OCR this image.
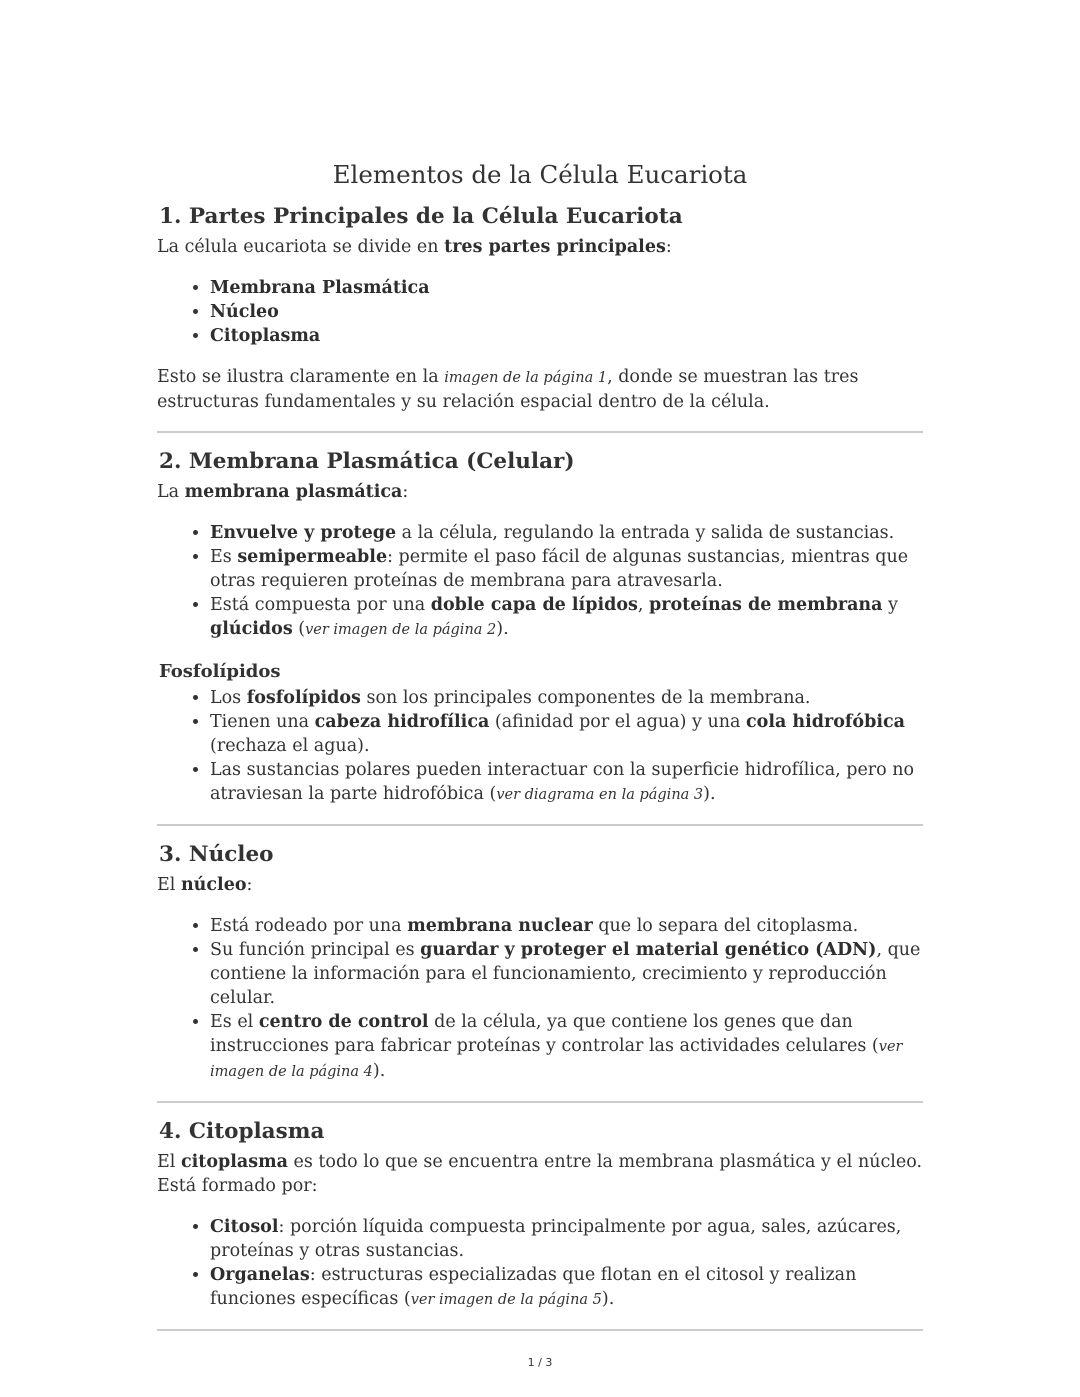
Elementos de la Célula Eucariota
1. Partes Principales de la Célula Eucariota

La célula eucariota se divide en tres partes principales:

• Membrana Plasmática
• Núcleo
• Citoplasma

Esto se ilustra claramente en la imagen de la página 1, donde se muestran las tres estructuras fundamentales y su relación espacial dentro de la célula.

2. Membrana Plasmática (Celular)

La membrana plasmática:

• Envuelve y protege a la célula, regulando la entrada y salida de sustancias.
• Es semipermeable: permite el paso fácil de algunas sustancias, mientras que otras requieren proteínas de membrana para atravesarla.
• Está compuesta por una doble capa de lípidos, proteínas de membrana y glúcidos (ver imagen de la página 2).
Fosfolípidos
• Los fosfolípidos son los principales componentes de la membrana.
• Tienen una cabeza hidrofílica (afinidad por el agua) y una cola hidrofóbica (rechaza el agua).
• Las sustancias polares pueden interactuar con la superficie hidrofílica, pero no atraviesan la parte hidrofóbica (ver diagrama en la página 3).
3. Núcleo

El núcleo:

• Está rodeado por una membrana nuclear que lo separa del citoplasma.
• Su función principal es guardar y proteger el material genético (ADN), que contiene la información para el funcionamiento, crecimiento y reproducción celular.
• Es el centro de control de la célula, ya que contiene los genes que dan instrucciones para fabricar proteínas y controlar las actividades celulares (ver imagen de la página 4).
4. Citoplasma

El citoplasma es todo lo que se encuentra entre la membrana plasmática y el núcleo. Está formado por:

• Citosol: porción líquida compuesta principalmente por agua, sales, azúcares, proteínas y otras sustancias.
• Organelas: estructuras especializadas que flotan en el citosol y realizan funciones específicas (ver imagen de la página 5).
1 / 3
